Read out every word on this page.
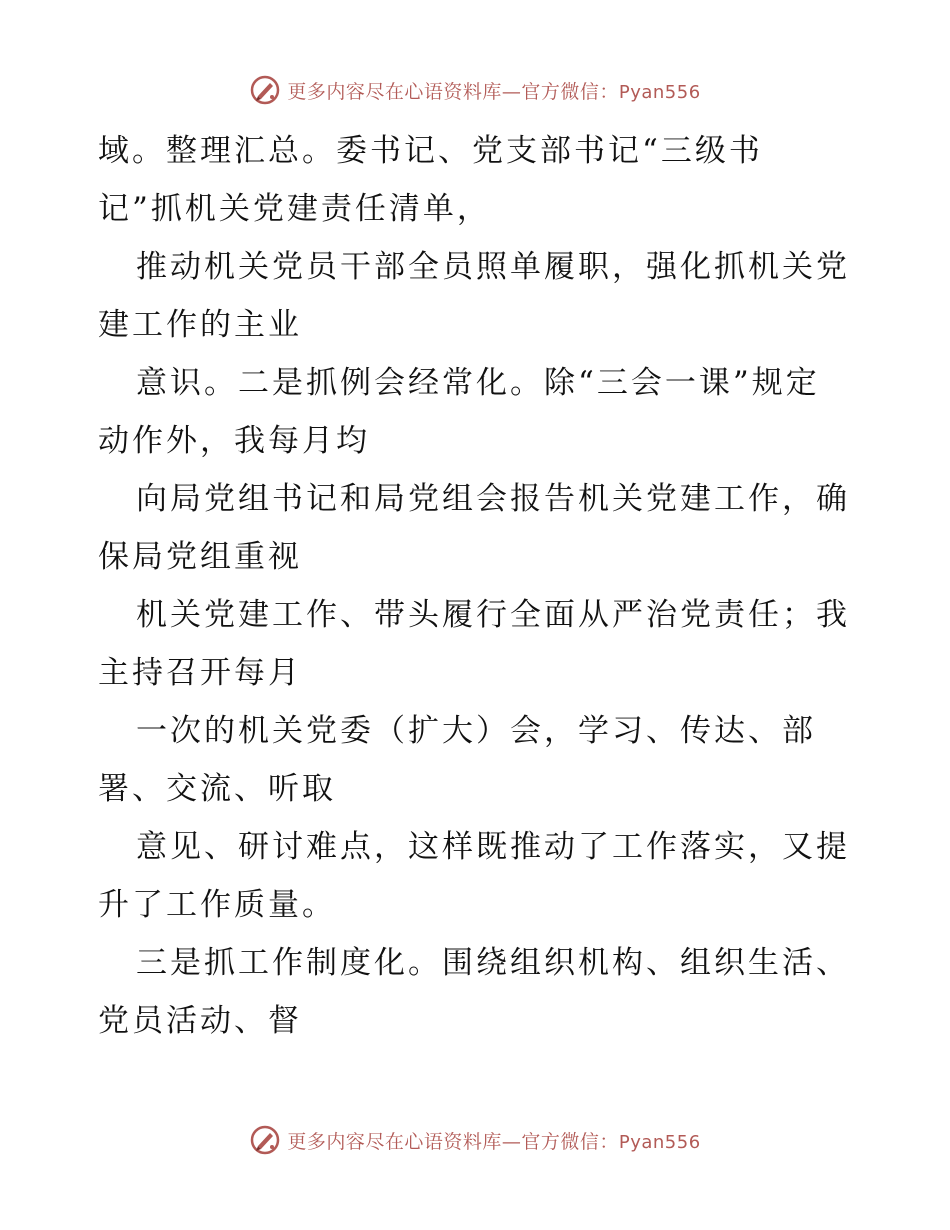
更多内容尽在心语资料库—官方微信：Pyan556
域。整理汇总。委书记、党支部书记“三级书
记”抓机关党建责任清单，
推动机关党员干部全员照单履职，强化抓机关党
建工作的主业
意识。二是抓例会经常化。除“三会一课”规定
动作外，我每月均
向局党组书记和局党组会报告机关党建工作，确
保局党组重视
机关党建工作、带头履行全面从严治党责任；我
主持召开每月
一次的机关党委（扩大）会，学习、传达、部
署、交流、听取
意见、研讨难点，这样既推动了工作落实，又提
升了工作质量。
三是抓工作制度化。围绕组织机构、组织生活、
党员活动、督
更多内容尽在心语资料库—官方微信：Pyan556
